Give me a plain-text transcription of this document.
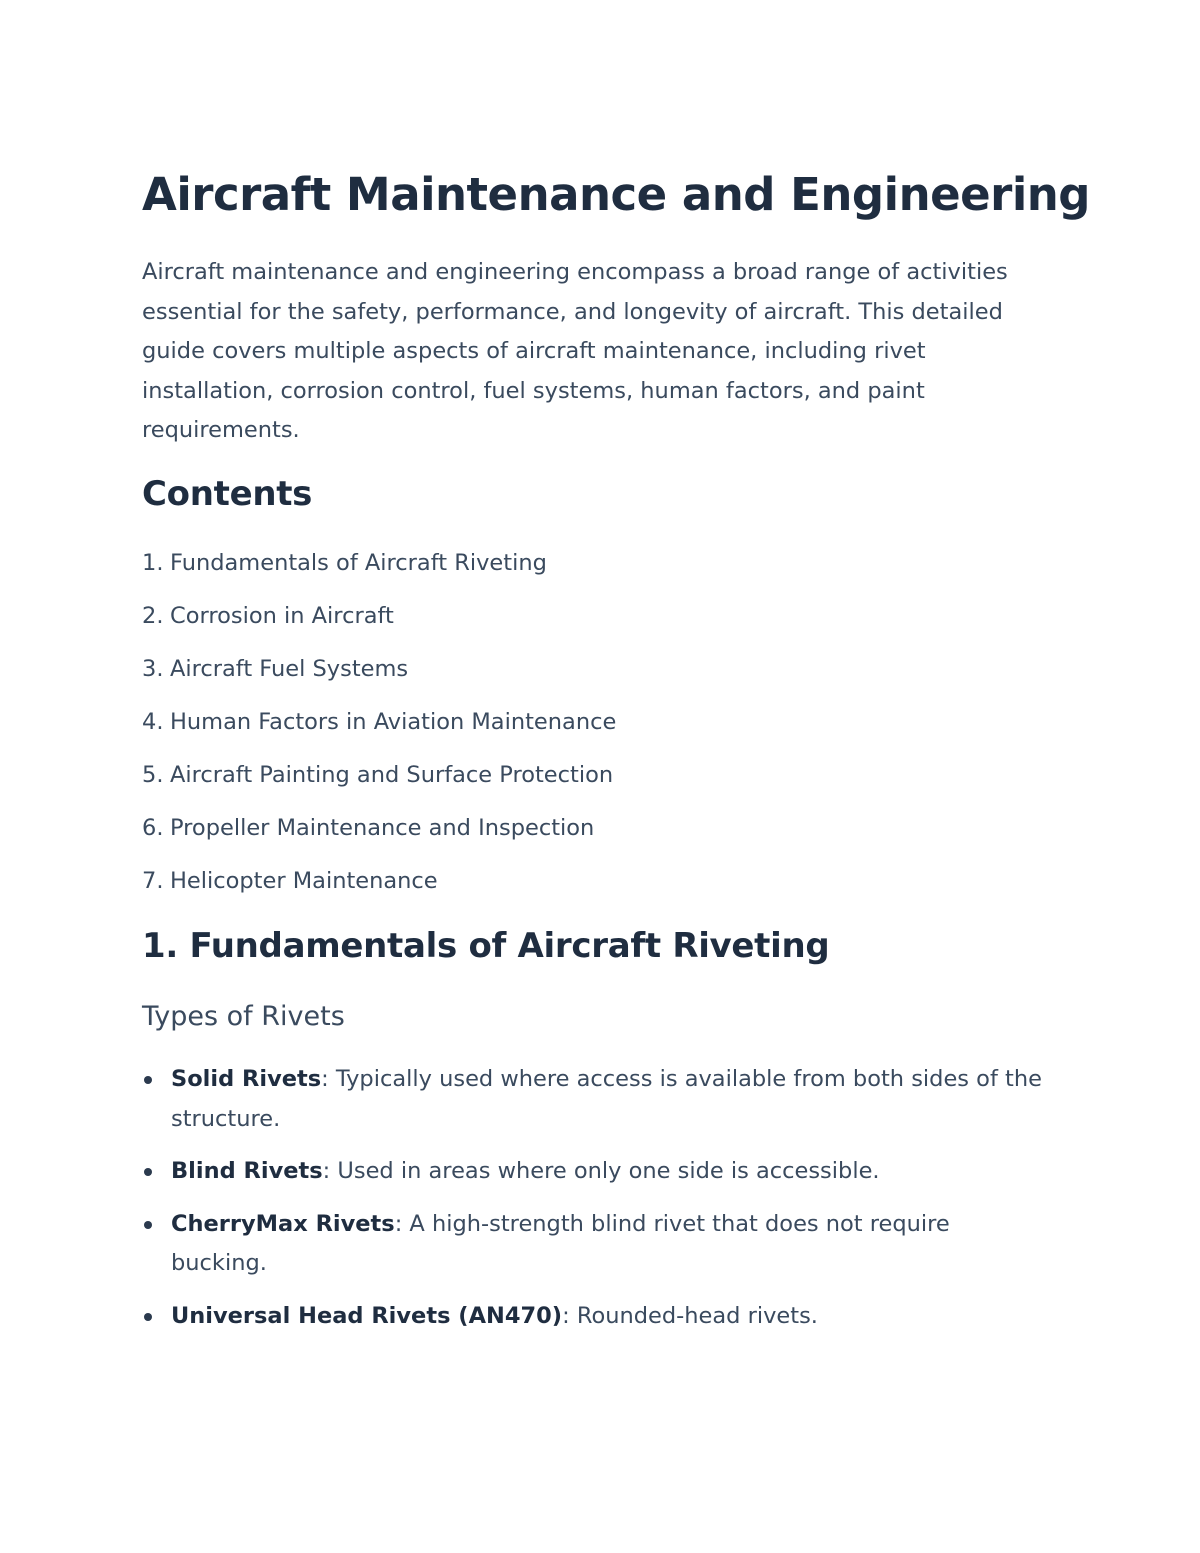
Aircraft Maintenance and Engineering

Aircraft maintenance and engineering encompass a broad range of activities essential for the safety, performance, and longevity of aircraft. This detailed guide covers multiple aspects of aircraft maintenance, including rivet installation, corrosion control, fuel systems, human factors, and paint requirements.

Contents
1. Fundamentals of Aircraft Riveting
2. Corrosion in Aircraft
3. Aircraft Fuel Systems
4. Human Factors in Aviation Maintenance
5. Aircraft Painting and Surface Protection
6. Propeller Maintenance and Inspection
7. Helicopter Maintenance
1. Fundamentals of Aircraft Riveting
Types of Rivets
Solid Rivets: Typically used where access is available from both sides of the structure.
Blind Rivets: Used in areas where only one side is accessible.
CherryMax Rivets: A high-strength blind rivet that does not require bucking.
Universal Head Rivets (AN470): Rounded-head rivets.
